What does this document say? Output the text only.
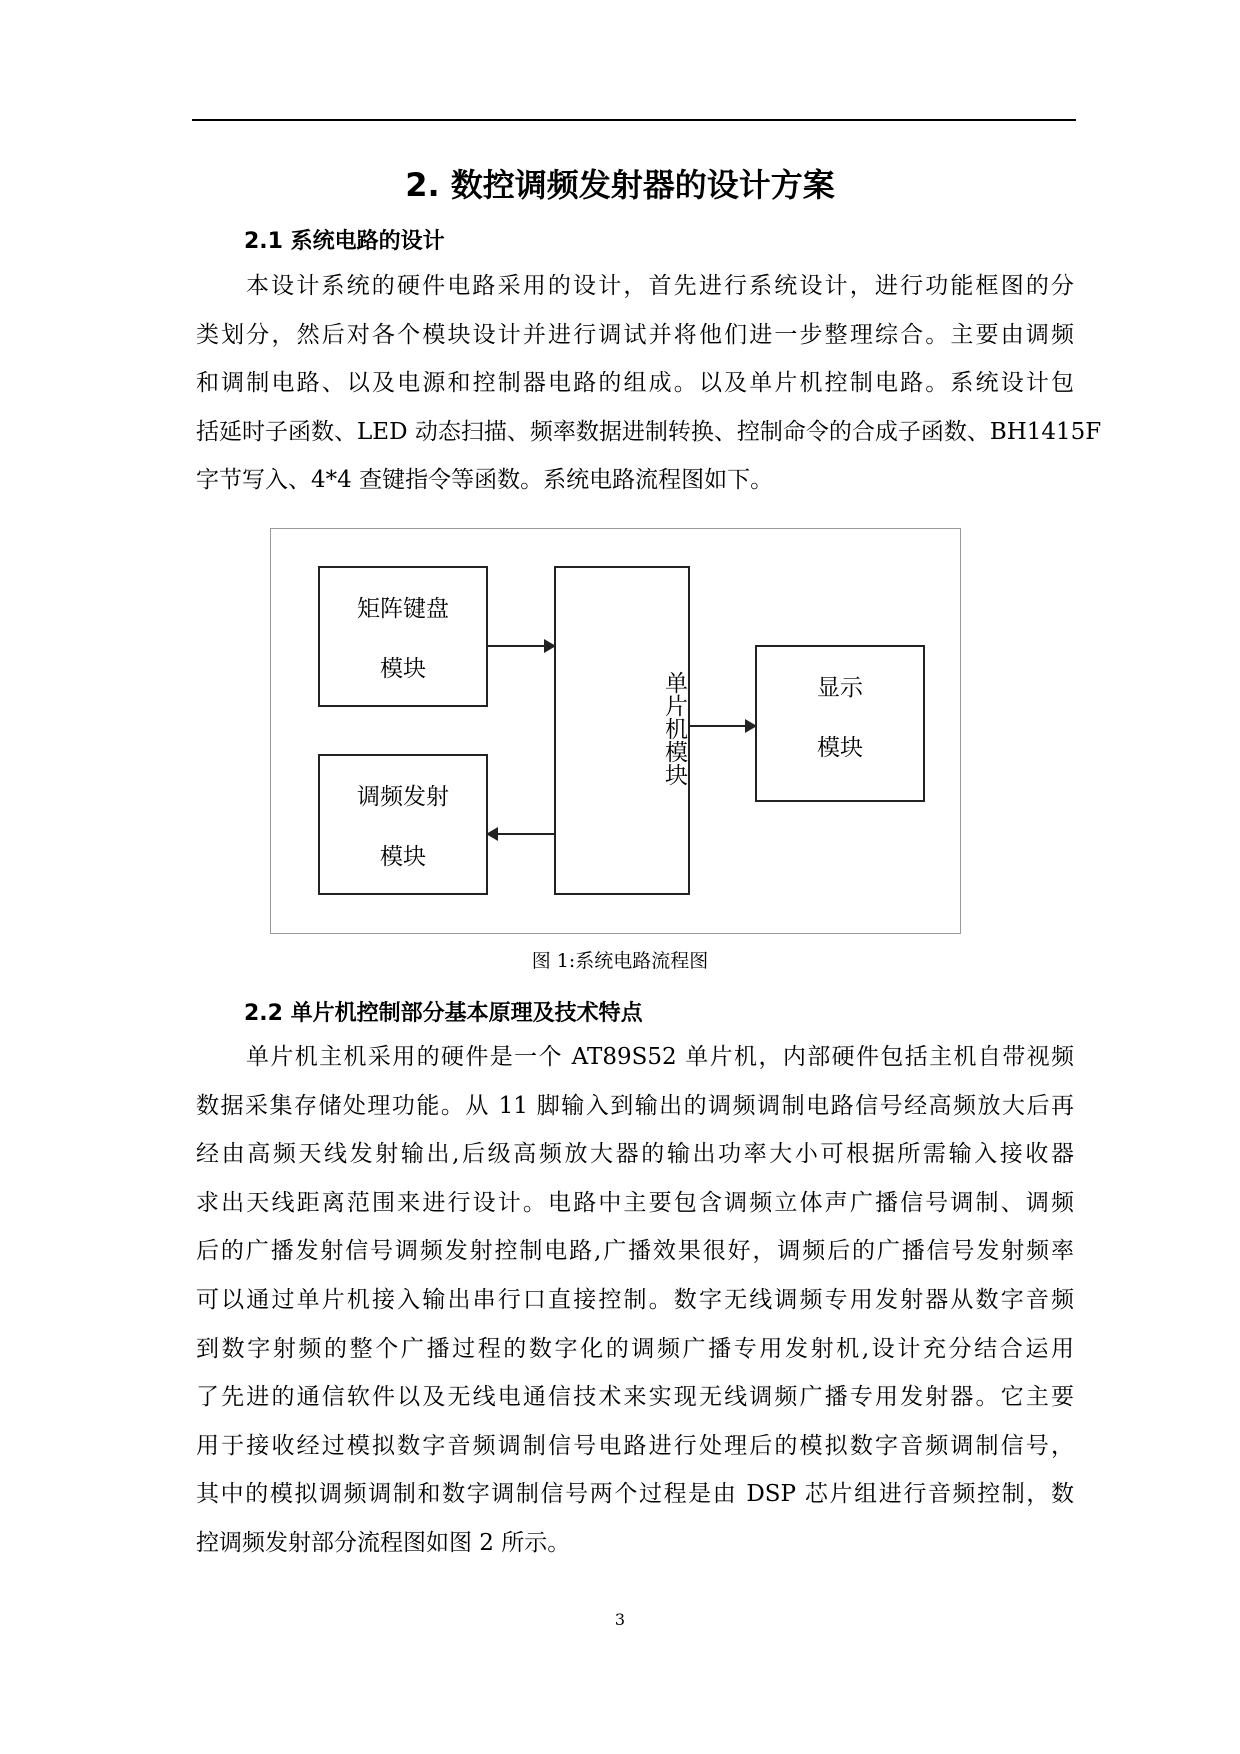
2. 数控调频发射器的设计方案
2.1 系统电路的设计
本设计系统的硬件电路采用的设计，首先进行系统设计，进行功能框图的分
类划分，然后对各个模块设计并进行调试并将他们进一步整理综合。主要由调频
和调制电路、以及电源和控制器电路的组成。以及单片机控制电路。系统设计包
括延时子函数、LED 动态扫描、频率数据进制转换、控制命令的合成子函数、BH1415F
字节写入、4*4 查键指令等函数。系统电路流程图如下。
矩阵键盘
模块
调频发射
模块
单片机模块	显示
模块
图 1:系统电路流程图
2.2 单片机控制部分基本原理及技术特点
单片机主机采用的硬件是一个 AT89S52 单片机，内部硬件包括主机自带视频
数据采集存储处理功能。从 11 脚输入到输出的调频调制电路信号经高频放大后再
经由高频天线发射输出,后级高频放大器的输出功率大小可根据所需输入接收器
求出天线距离范围来进行设计。电路中主要包含调频立体声广播信号调制、调频
后的广播发射信号调频发射控制电路,广播效果很好，调频后的广播信号发射频率
可以通过单片机接入输出串行口直接控制。数字无线调频专用发射器从数字音频
到数字射频的整个广播过程的数字化的调频广播专用发射机,设计充分结合运用
了先进的通信软件以及无线电通信技术来实现无线调频广播专用发射器。它主要
用于接收经过模拟数字音频调制信号电路进行处理后的模拟数字音频调制信号，
其中的模拟调频调制和数字调制信号两个过程是由 DSP 芯片组进行音频控制，数
控调频发射部分流程图如图 2 所示。
3
